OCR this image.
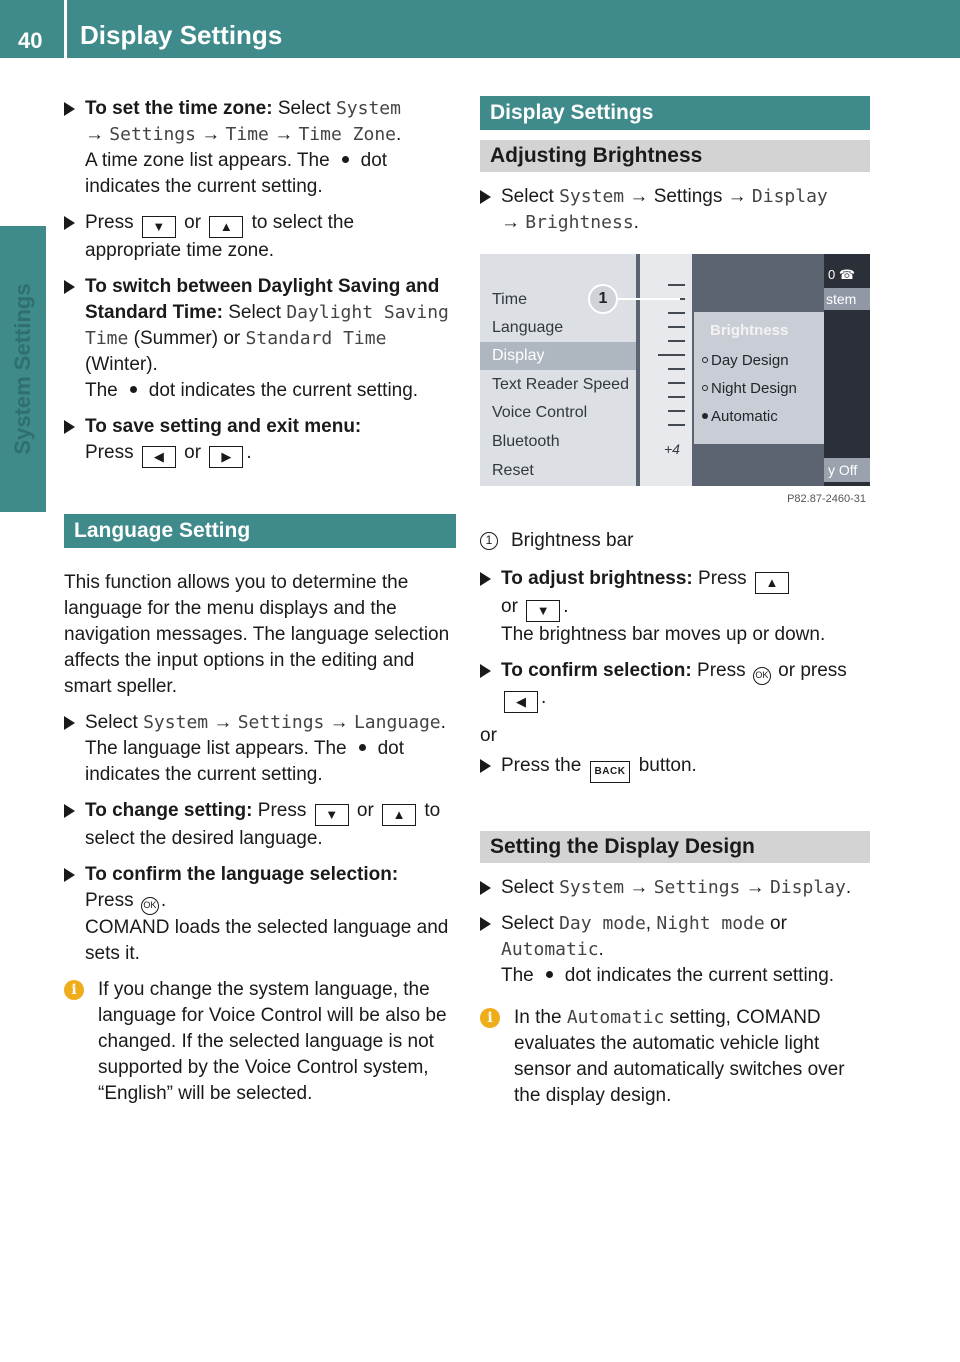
40 Display Settings
System Settings
To set the time zone: Select System
→ Settings → Time → Time Zone.
A time zone list appears. The dot
indicates the current setting.
Press ▼ or ▲ to select the
appropriate time zone.
To switch between Daylight Saving and
Standard Time: Select Daylight Saving
Time (Summer) or Standard Time
(Winter).
The dot indicates the current setting.
To save setting and exit menu:
Press ◀ or ▶ .
Language Setting

This function allows you to determine the language for the menu displays and the navigation messages. The language selection affects the input options in the editing and smart speller.

Select System → Settings → Language.
The language list appears. The dot
indicates the current setting.
To change setting: Press ▼ or ▲ to
select the desired language.
To confirm the language selection:
Press OK .
COMAND loads the selected language and sets it.
i	If you change the system language, the language for Voice Control will be also be changed. If the selected language is not supported by the Voice Control system, “English” will be selected.
Display Settings
Adjusting Brightness
Select System → Settings → Display
→ Brightness.
Time
Language
Display
Text Reader Speed
Voice Control
Bluetooth
Reset
+4
Brightness
Day Design
Night Design
Automatic
0 ☎
stem
y Off
1
P82.87-2460-31
1 Brightness bar
To adjust brightness: Press ▲
or ▼ .
The brightness bar moves up or down.
To confirm selection: Press OK or press
◀ .

or

Press the BACK button.
Setting the Display Design
Select System → Settings → Display.
Select Day mode, Night mode or
Automatic.
The dot indicates the current setting.
i	In the Automatic setting, COMAND evaluates the automatic vehicle light sensor and automatically switches over the display design.
